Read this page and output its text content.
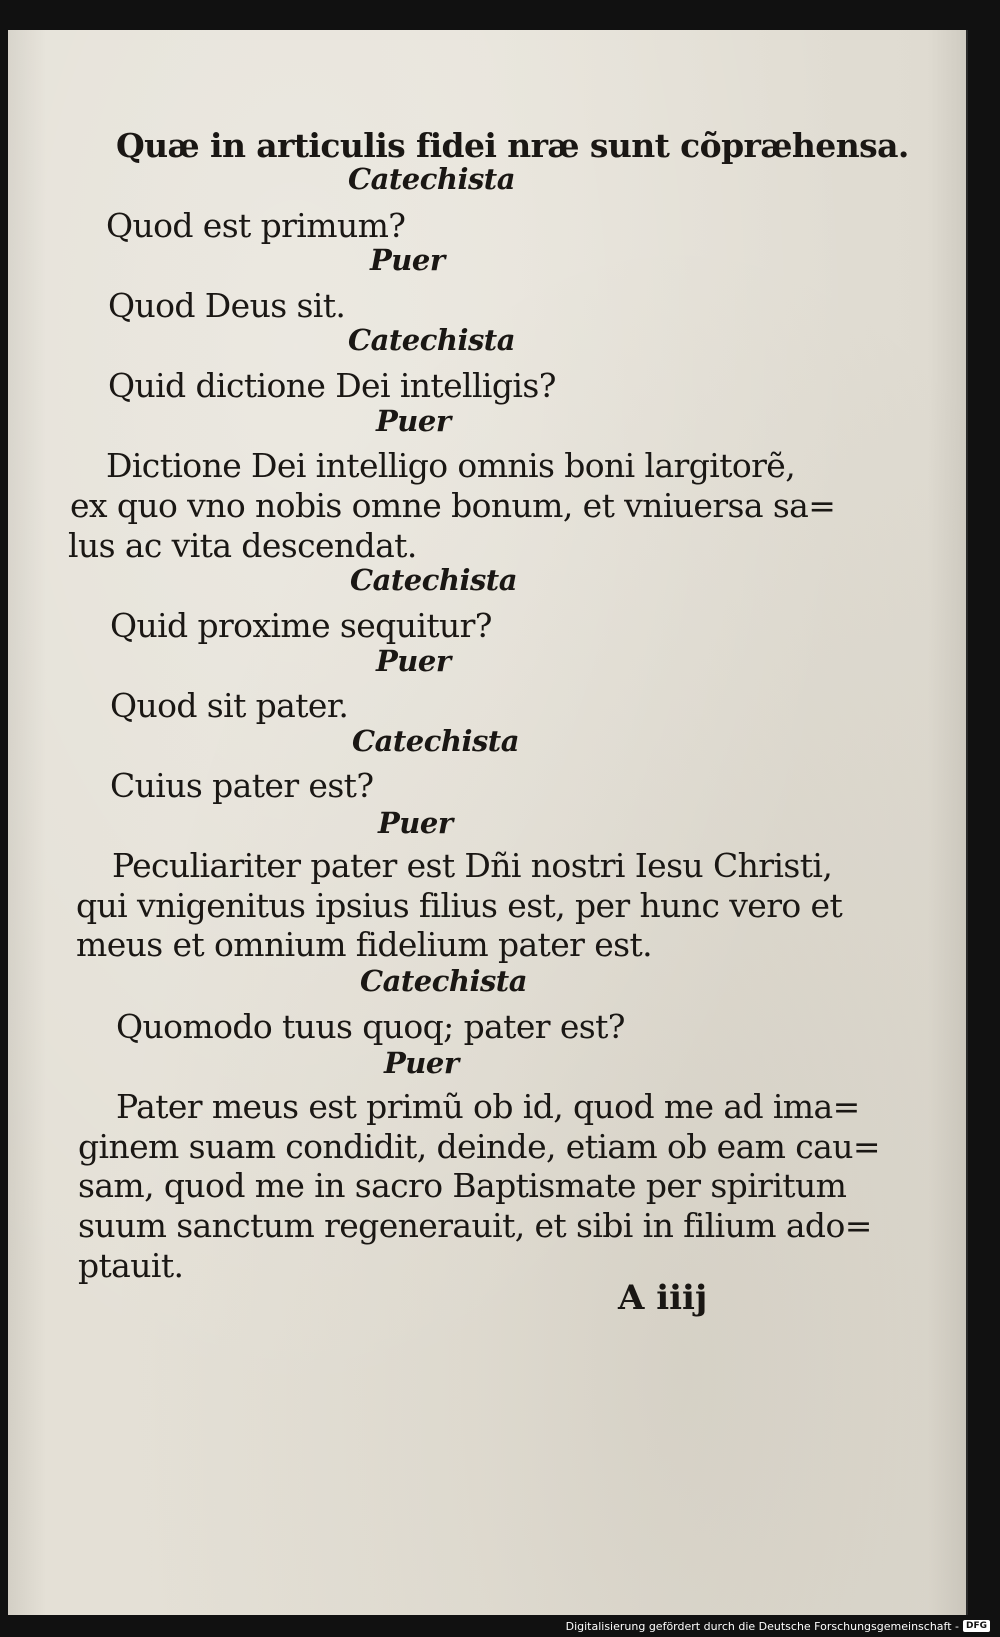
Quæ in articulis fidei nræ sunt cõpræhensa.
Catechista
Quod est primum?
Puer
Quod Deus sit.
Catechista
Quid dictione Dei intelligis?
Puer
Dictione Dei intelligo omnis boni largitorẽ,
ex quo vno nobis omne bonum, et vniuersa sa=
lus ac vita descendat.
Catechista
Quid proxime sequitur?
Puer
Quod sit pater.
Catechista
Cuius pater est?
Puer
Peculiariter pater est Dñi nostri Iesu Christi,
qui vnigenitus ipsius filius est, per hunc vero et
meus et omnium fidelium pater est.
Catechista
Quomodo tuus quoq; pater est?
Puer
Pater meus est primũ ob id, quod me ad ima=
ginem suam condidit, deinde, etiam ob eam cau=
sam, quod me in sacro Baptismate per spiritum
suum sanctum regenerauit, et sibi in filium ado=
ptauit.
A iiij
Digitalisierung gefördert durch die Deutsche Forschungsgemeinschaft - DFG
